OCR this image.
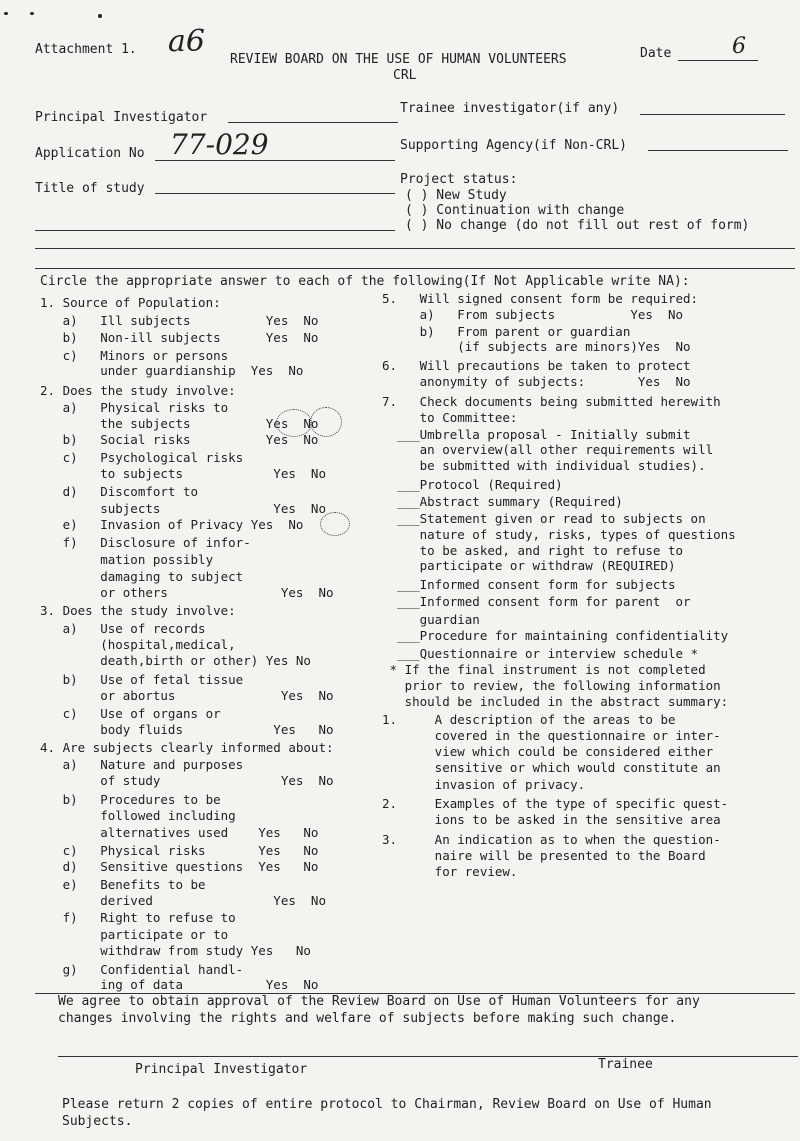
Attachment 1. a6
REVIEW BOARD ON THE USE OF HUMAN VOLUNTEERS
CRL
Date	6
Principal Investigator
Trainee investigator(if any)
Application No 77-029	Supporting Agency(if Non-CRL)
Title of study
Project status:
( ) New Study
( ) Continuation with change
( ) No change (do not fill out rest of form)
Circle the appropriate answer to each of the following(If Not Applicable write NA):
1. Source of Population:
a)   Ill subjects          Yes  No
b)   Non-ill subjects      Yes  No
c)   Minors or persons
under guardianship  Yes  No
2. Does the study involve:
a)   Physical risks to
the subjects          Yes  No
b)   Social risks          Yes  No
c)   Psychological risks
to subjects            Yes  No
d)   Discomfort to
subjects               Yes  No
e)   Invasion of Privacy Yes  No
f)   Disclosure of infor-
mation possibly
damaging to subject
or others               Yes  No
3. Does the study involve:
a)   Use of records
(hospital,medical,
death,birth or other) Yes No
b)   Use of fetal tissue
or abortus              Yes  No
c)   Use of organs or
body fluids            Yes   No
4. Are subjects clearly informed about:
a)   Nature and purposes
of study                Yes  No
b)   Procedures to be
followed including
alternatives used    Yes   No
c)   Physical risks       Yes   No
d)   Sensitive questions  Yes   No
e)   Benefits to be
derived                Yes  No
f)   Right to refuse to
participate or to
withdraw from study Yes   No
g)   Confidential handl-
ing of data           Yes  No
5.   Will signed consent form be required:
a)   From subjects          Yes  No
b)   From parent or guardian
(if subjects are minors)Yes  No
6.   Will precautions be taken to protect
anonymity of subjects:       Yes  No
7.   Check documents being submitted herewith
to Committee:
___Umbrella proposal - Initially submit
an overview(all other requirements will
be submitted with individual studies).
___Protocol (Required)
___Abstract summary (Required)
___Statement given or read to subjects on
nature of study, risks, types of questions
to be asked, and right to refuse to
participate or withdraw (REQUIRED)
___Informed consent form for subjects
___Informed consent form for parent  or
guardian
___Procedure for maintaining confidentiality
___Questionnaire or interview schedule *
* If the final instrument is not completed
prior to review, the following information
should be included in the abstract summary:
1.     A description of the areas to be
covered in the questionnaire or inter-
view which could be considered either
sensitive or which would constitute an
invasion of privacy.
2.     Examples of the type of specific quest-
ions to be asked in the sensitive area
3.     An indication as to when the question-
naire will be presented to the Board
for review.
We agree to obtain approval of the Review Board on Use of Human Volunteers for any
changes involving the rights and welfare of subjects before making such change.
Principal Investigator	Trainee
Please return 2 copies of entire protocol to Chairman, Review Board on Use of Human
Subjects.
